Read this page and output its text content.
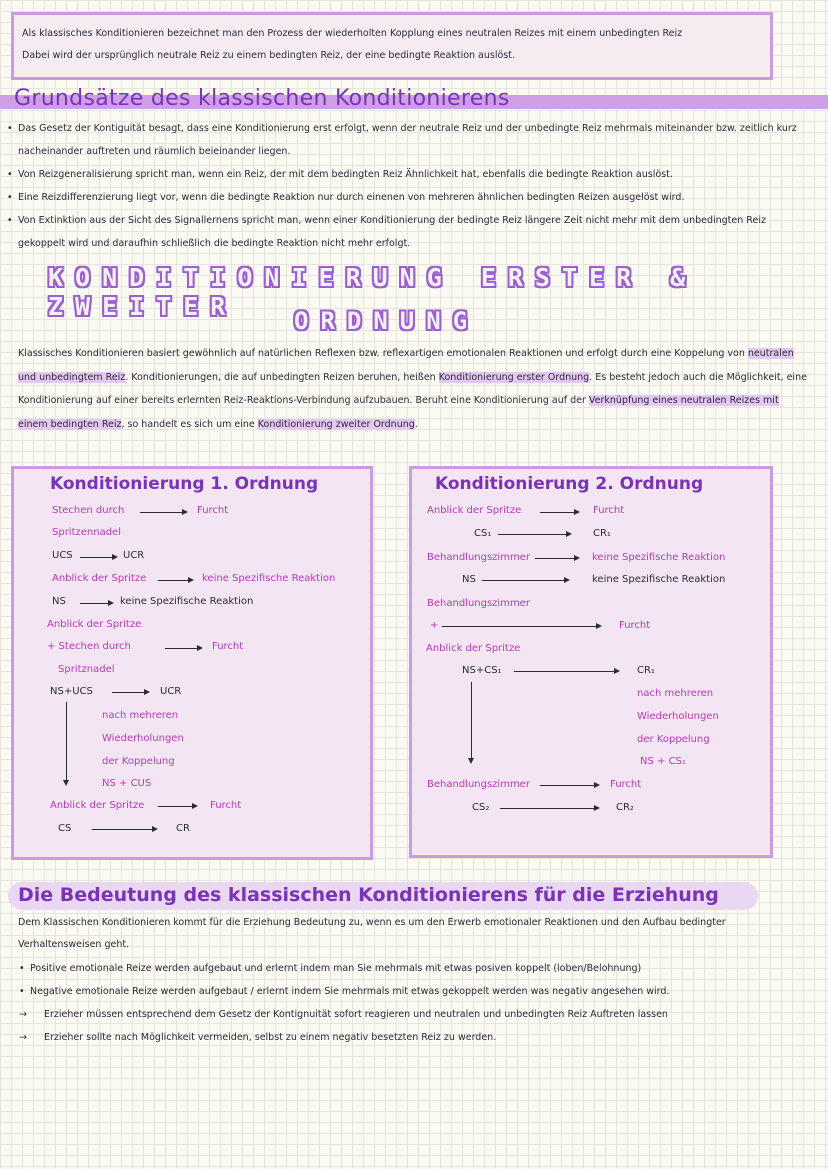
Als klassisches Konditionieren bezeichnet man den Prozess der wiederholten Kopplung eines neutralen Reizes mit einem unbedingten Reiz
Dabei wird der ursprünglich neutrale Reiz zu einem bedingten Reiz, der eine bedingte Reaktion auslöst.

Grundsätze des klassischen Konditionierens
• Das Gesetz der Kontiguität besagt, dass eine Konditionierung erst erfolgt, wenn der neutrale Reiz und der unbedingte Reiz mehrmals miteinander bzw. zeitlich kurz nacheinander auftreten und räumlich beieinander liegen.
• Von Reizgeneralisierung spricht man, wenn ein Reiz, der mit dem bedingten Reiz Ähnlichkeit hat, ebenfalls die bedingte Reaktion auslöst.
• Eine Reizdifferenzierung liegt vor, wenn die bedingte Reaktion nur durch einenen von mehreren ähnlichen bedingten Reizen ausgelöst wird.
• Von Extinktion aus der Sicht des Signallernens spricht man, wenn einer Konditionierung der bedingte Reiz längere Zeit nicht mehr mit dem unbedingten Reiz gekoppelt wird und daraufhin schließlich die bedingte Reaktion nicht mehr erfolgt.
KONDITIONIERUNG ERSTER & ZWEITER	ORDNUNG

Klassisches Konditionieren basiert gewöhnlich auf natürlichen Reflexen bzw. reflexartigen emotionalen Reaktionen und erfolgt durch eine Koppelung von neutralen und unbedingtem Reiz. Konditionierungen, die auf unbedingten Reizen beruhen, heißen Konditionierung erster Ordnung. Es besteht jedoch auch die Möglichkeit, eine Konditionierung auf einer bereits erlernten Reiz-Reaktions-Verbindung aufzubauen. Beruht eine Konditionierung auf der Verknüpfung eines neutralen Reizes mit einem bedingten Reiz, so handelt es sich um eine Konditionierung zweiter Ordnung.

Konditionierung 1. Ordnung
Stechen durch	Furcht
Spritzennadel
UCS	UCR
Anblick der Spritze	keine Spezifische Reaktion
NS	keine Spezifische Reaktion
Anblick der Spritze
+ Stechen durch	Furcht
Spritznadel
NS+UCS	UCR
nach mehreren
Wiederholungen
der Koppelung
NS + CUS
Anblick der Spritze	Furcht
CS	CR
Konditionierung 2. Ordnung
Anblick der Spritze	Furcht
CS₁	CR₁
Behandlungszimmer	keine Spezifische Reaktion
NS	keine Spezifische Reaktion
Behandlungszimmer
+	Furcht
Anblick der Spritze
NS+CS₁	CR₁
nach mehreren
Wiederholungen
der Koppelung
NS + CS₁
Behandlungszimmer	Furcht
CS₂	CR₂
Die Bedeutung des klassischen Konditionierens für die Erziehung
Dem Klassischen Konditionieren kommt für die Erziehung Bedeutung zu, wenn es um den Erwerb emotionaler Reaktionen und den Aufbau bedingter Verhaltensweisen geht.
• Positive emotionale Reize werden aufgebaut und erlernt indem man Sie mehrmals mit etwas posiven koppelt (loben/Belohnung)
• Negative emotionale Reize werden aufgebaut / erlernt indem Sie mehrmals mit etwas gekoppelt werden was negativ angesehen wird.
→ Erzieher müssen entsprechend dem Gesetz der Kontignuität sofort reagieren und neutralen und unbedingten Reiz Auftreten lassen
→ Erzieher sollte nach Möglichkeit vermeiden, selbst zu einem negativ besetzten Reiz zu werden.
